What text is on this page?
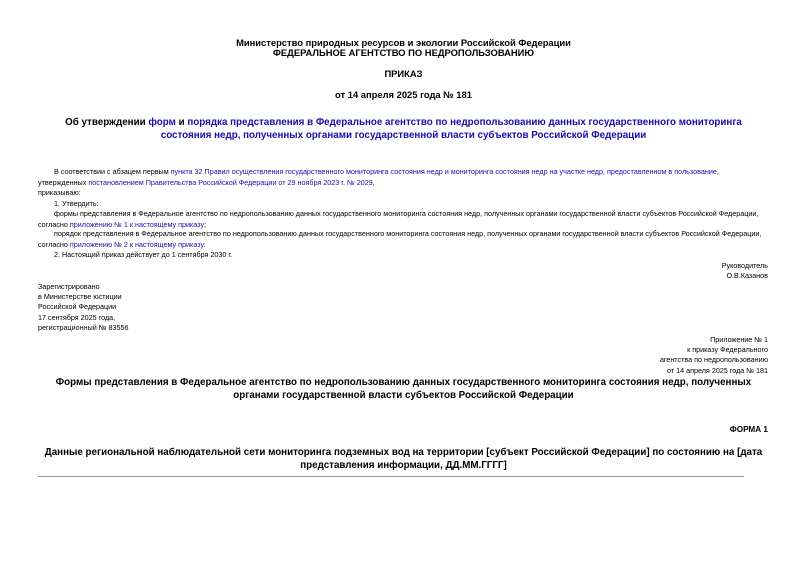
Министерство природных ресурсов и экологии Российской Федерации
ФЕДЕРАЛЬНОЕ АГЕНТСТВО ПО НЕДРОПОЛЬЗОВАНИЮ
ПРИКАЗ
от 14 апреля 2025 года № 181
Об утверждении форм и порядка представления в Федеральное агентство по недропользованию данных государственного мониторинга состояния недр, полученных органами государственной власти субъектов Российской Федерации
В соответствии с абзацем первым пункта 32 Правил осуществления государственного мониторинга состояния недр и мониторинга состояния недр на участке недр, предоставленном в пользование, утвержденных постановлением Правительства Российской Федерации от 29 ноября 2023 г. № 2029,
приказываю:
1. Утвердить:
формы представления в Федеральное агентство по недропользованию данных государственного мониторинга состояния недр, полученных органами государственной власти субъектов Российской Федерации, согласно приложению № 1 к настоящему приказу;
порядок представления в Федеральное агентство по недропользованию данных государственного мониторинга состояния недр, полученных органами государственной власти субъектов Российской Федерации, согласно приложению № 2 к настоящему приказу.
2. Настоящий приказ действует до 1 сентября 2030 г.
Руководитель
О.В.Казанов
Зарегистрировано
в Министерстве юстиции
Российской Федерации
17 сентября 2025 года,
регистрационный № 83556
Приложение № 1
к приказу Федерального
агентства по недропользованию
от 14 апреля 2025 года № 181
Формы представления в Федеральное агентство по недропользованию данных государственного мониторинга состояния недр, полученных органами государственной власти субъектов Российской Федерации
ФОРМА 1
Данные региональной наблюдательной сети мониторинга подземных вод на территории [субъект Российской Федерации] по состоянию на [дата представления информации, ДД.ММ.ГГГГ]
